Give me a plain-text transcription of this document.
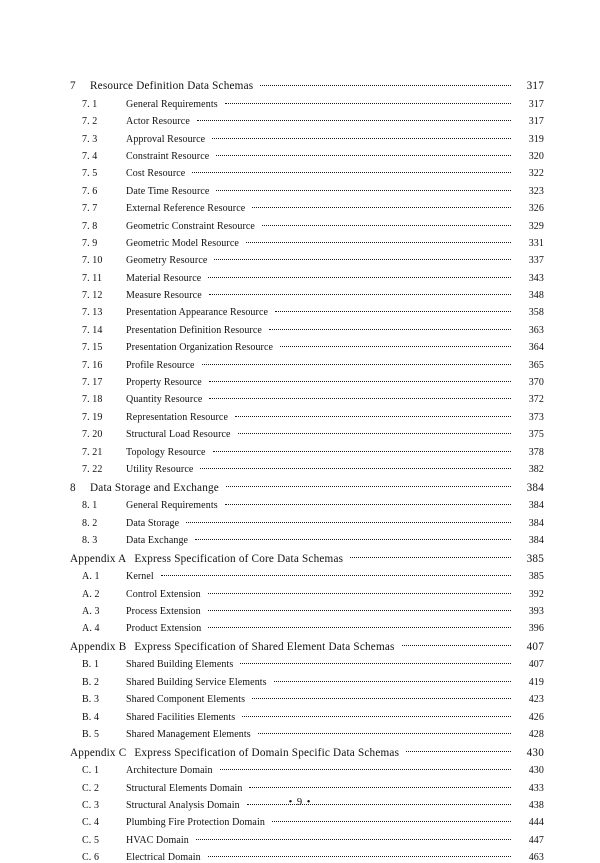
7	Resource Definition Data Schemas	317
7. 1	General Requirements	317
7. 2	Actor Resource	317
7. 3	Approval Resource	319
7. 4	Constraint Resource	320
7. 5	Cost Resource	322
7. 6	Date Time Resource	323
7. 7	External Reference Resource	326
7. 8	Geometric Constraint Resource	329
7. 9	Geometric Model Resource	331
7. 10	Geometry Resource	337
7. 11	Material Resource	343
7. 12	Measure Resource	348
7. 13	Presentation Appearance Resource	358
7. 14	Presentation Definition Resource	363
7. 15	Presentation Organization Resource	364
7. 16	Profile Resource	365
7. 17	Property Resource	370
7. 18	Quantity Resource	372
7. 19	Representation Resource	373
7. 20	Structural Load Resource	375
7. 21	Topology Resource	378
7. 22	Utility Resource	382
8	Data Storage and Exchange	384
8. 1	General Requirements	384
8. 2	Data Storage	384
8. 3	Data Exchange	384
Appendix A Express Specification of Core Data Schemas	385
A. 1	Kernel	385
A. 2	Control Extension	392
A. 3	Process Extension	393
A. 4	Product Extension	396
Appendix B Express Specification of Shared Element Data Schemas	407
B. 1	Shared Building Elements	407
B. 2	Shared Building Service Elements	419
B. 3	Shared Component Elements	423
B. 4	Shared Facilities Elements	426
B. 5	Shared Management Elements	428
Appendix C Express Specification of Domain Specific Data Schemas	430
C. 1	Architecture Domain	430
C. 2	Structural Elements Domain	433
C. 3	Structural Analysis Domain	438
C. 4	Plumbing Fire Protection Domain	444
C. 5	HVAC Domain	447
C. 6	Electrical Domain	463
• 9 •
